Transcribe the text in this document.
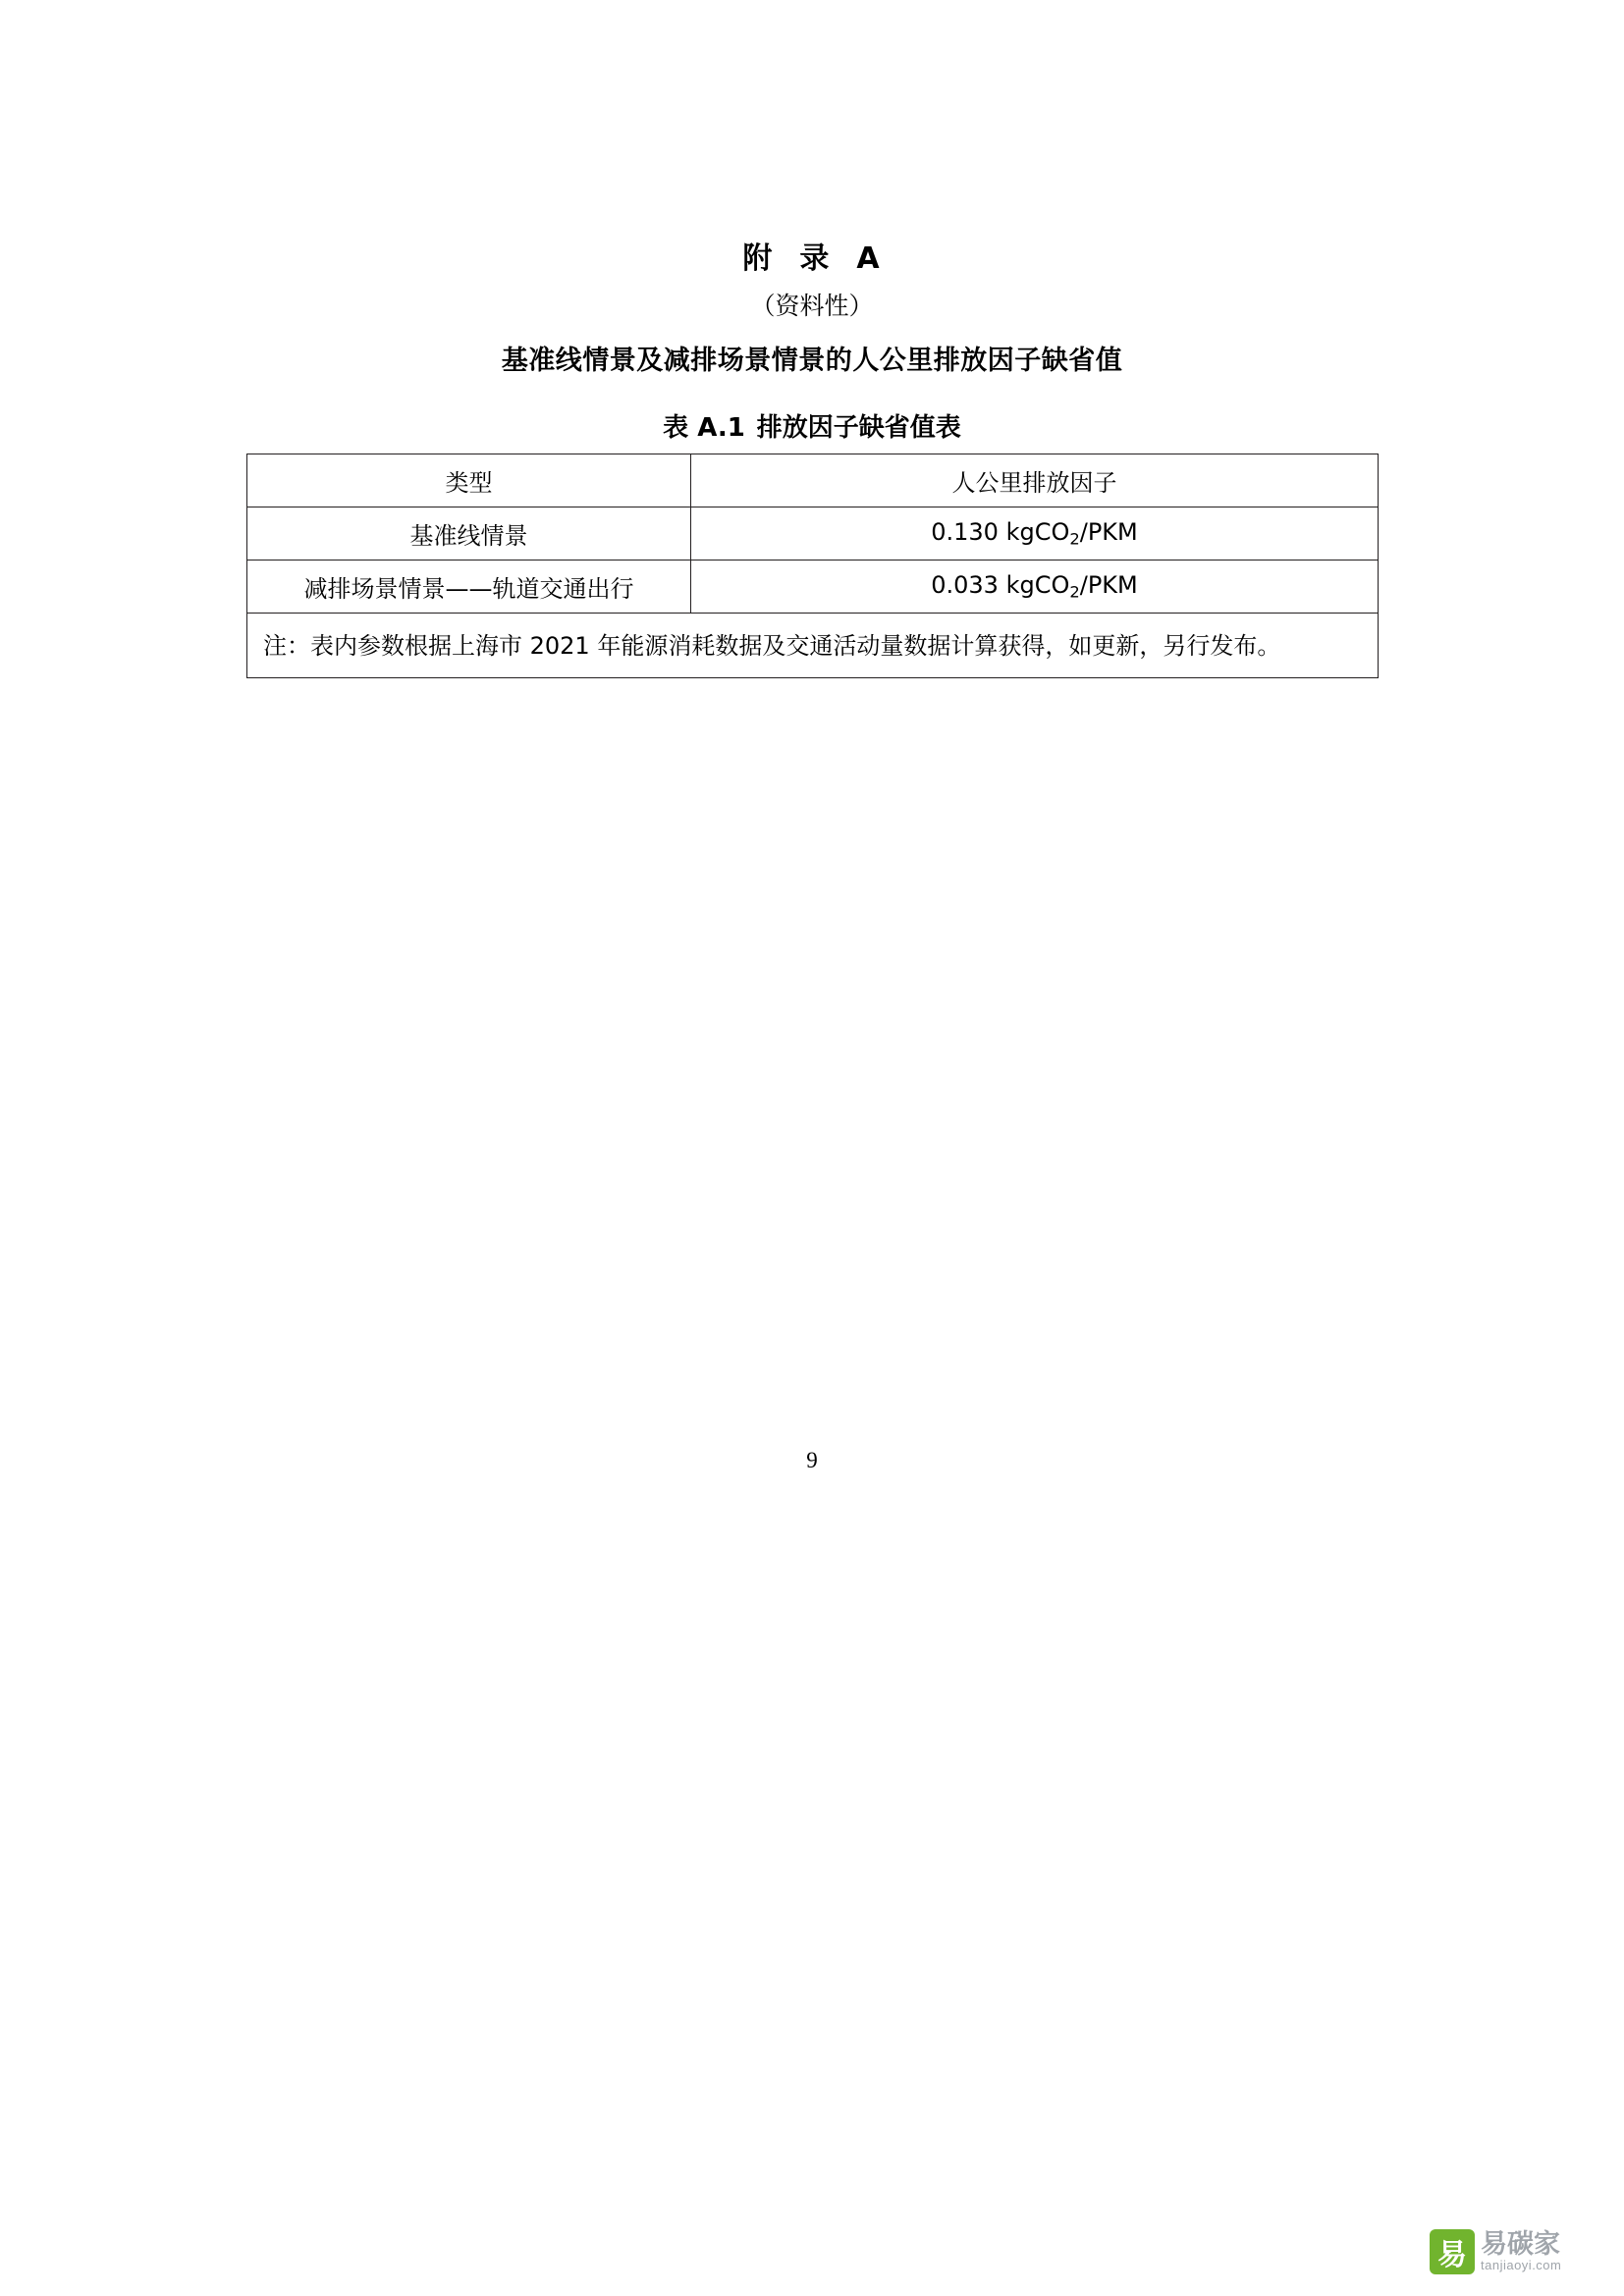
附 录 A
（资料性）
基准线情景及减排场景情景的人公里排放因子缺省值
表 A.1 排放因子缺省值表
类型	人公里排放因子
基准线情景	0.130 kgCO$_2$/PKM
减排场景情景——轨道交通出行	0.033 kgCO$_2$/PKM
注：表内参数根据上海市 2021 年能源消耗数据及交通活动量数据计算获得，如更新，另行发布。	
9
易 易碳家
tanjiaoyi.com
